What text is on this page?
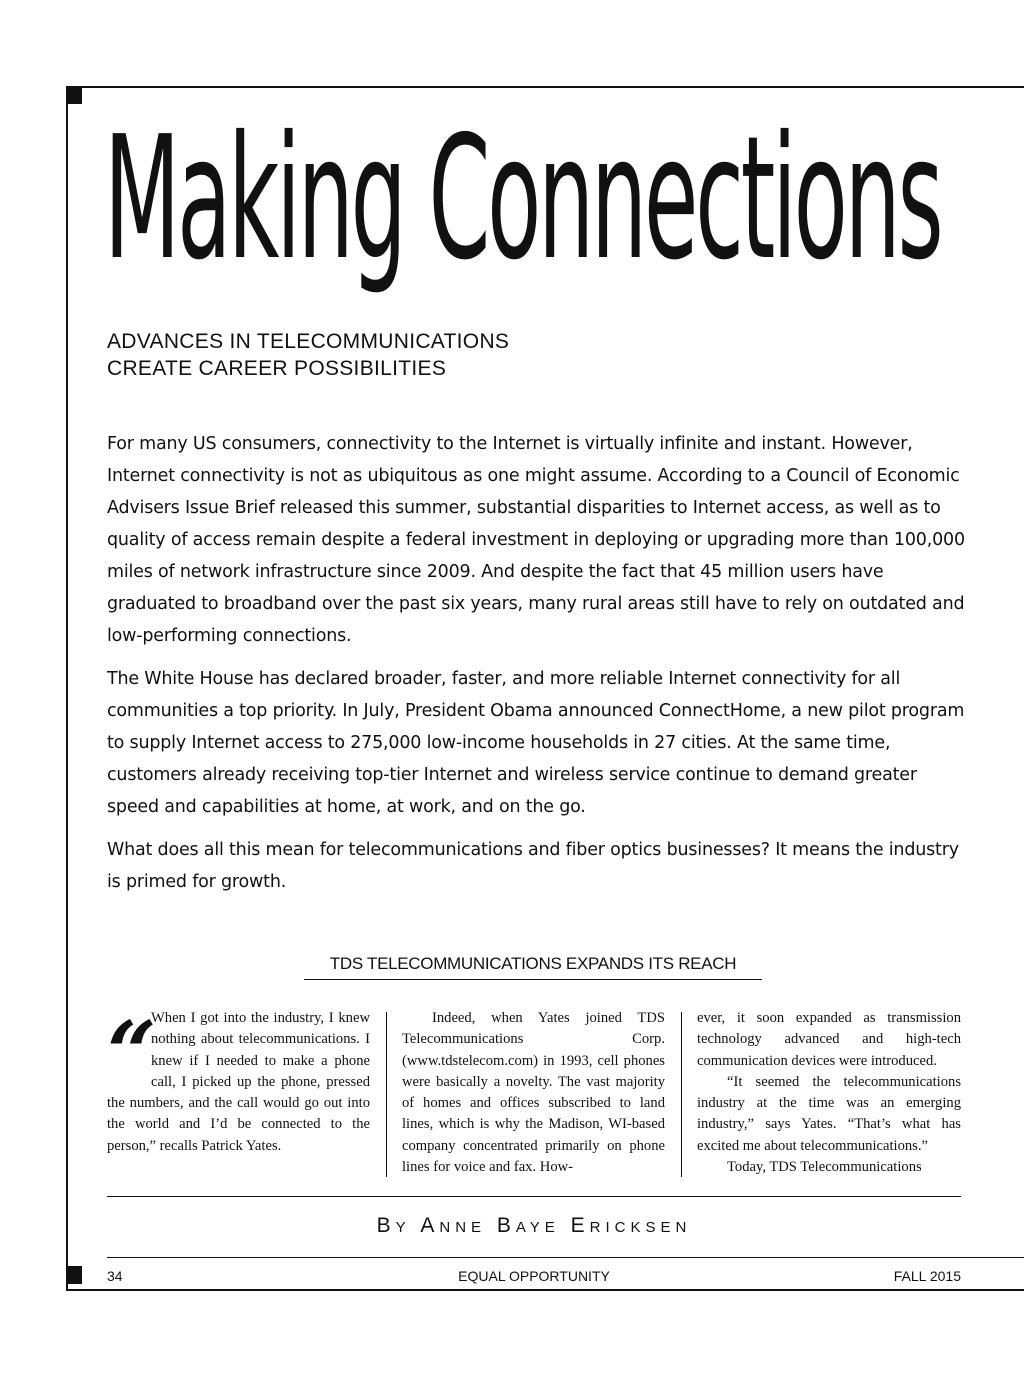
Making Connections
ADVANCES IN TELECOMMUNICATIONS
CREATE CAREER POSSIBILITIES

For many US consumers, connectivity to the Internet is virtually infinite and instant. However, Internet connectivity is not as ubiquitous as one might assume. According to a Council of Economic Advisers Issue Brief released this summer, substantial disparities to Internet access, as well as to quality of access remain despite a federal investment in deploying or upgrading more than 100,000 miles of network infrastructure since 2009. And despite the fact that 45 million users have graduated to broadband over the past six years, many rural areas still have to rely on outdated and low-performing connections.

The White House has declared broader, faster, and more reliable Internet connectivity for all communities a top priority. In July, President Obama announced ConnectHome, a new pilot program to supply Internet access to 275,000 low-income households in 27 cities. At the same time, customers already receiving top-tier Internet and wireless service continue to demand greater speed and capabilities at home, at work, and on the go.

What does all this mean for telecommunications and fiber optics businesses? It means the industry is primed for growth.

TDS TELECOMMUNICATIONS EXPANDS ITS REACH
“

When I got into the industry, I knew nothing about telecommunications. I knew if I needed to make a phone call, I picked up the phone, pressed the numbers, and the call would go out into the world and I’d be connected to the person,” recalls Patrick Yates.

Indeed, when Yates joined TDS Telecommunications Corp. (www.tdstelecom.com) in 1993, cell phones were basically a novelty. The vast majority of homes and offices subscribed to land lines, which is why the Madison, WI-based company concentrated primarily on phone lines for voice and fax. How-

ever, it soon expanded as transmission technology advanced and high-tech communication devices were introduced.

“It seemed the telecommunications industry at the time was an emerging industry,” says Yates. “That’s what has excited me about telecommunications.”

Today, TDS Telecommunications

By Anne Baye Ericksen

34	EQUAL OPPORTUNITY	FALL 2015
